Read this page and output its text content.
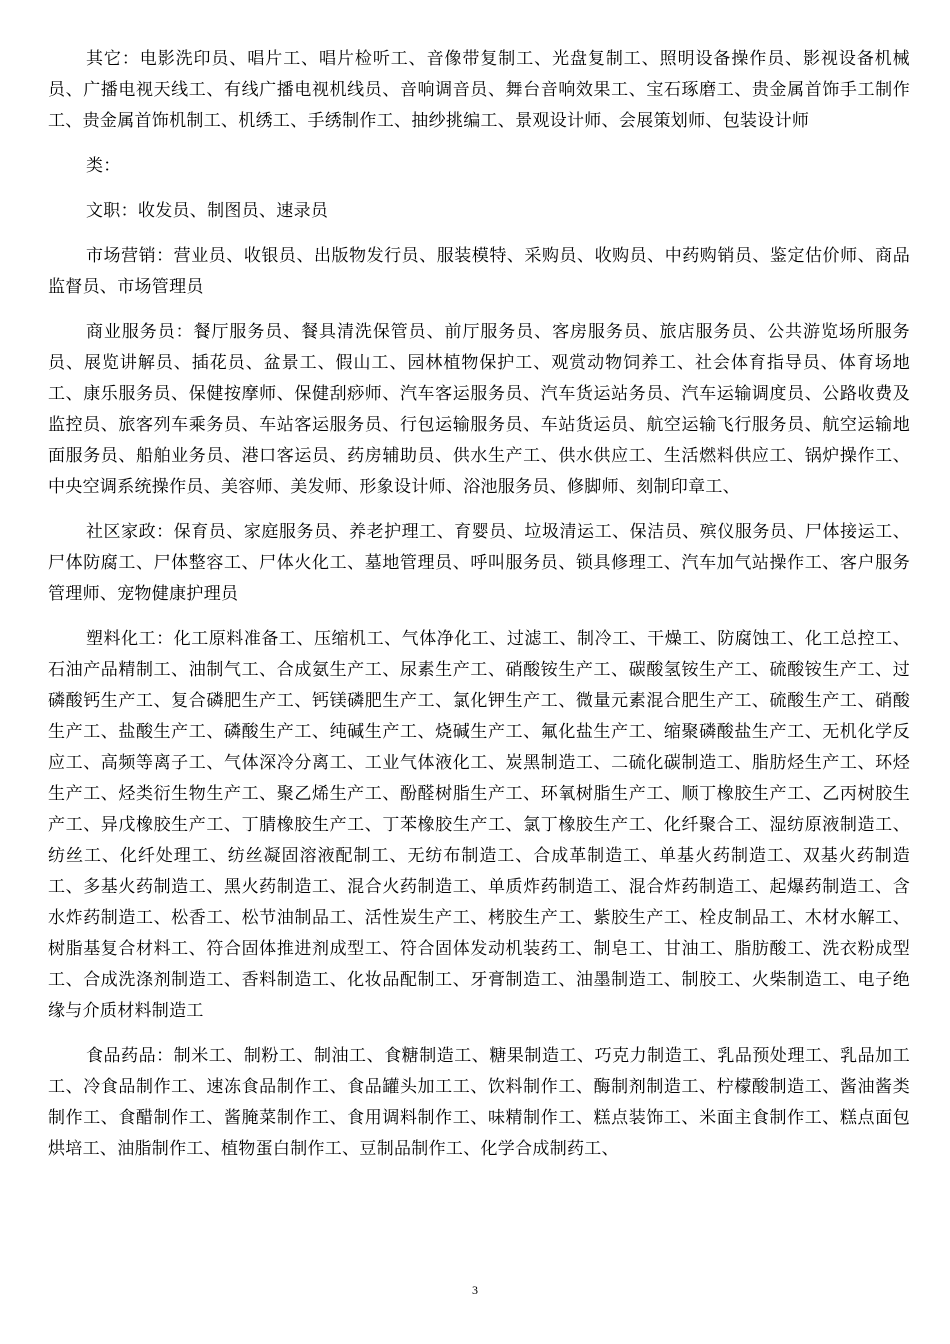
其它：电影洗印员、唱片工、唱片检听工、音像带复制工、光盘复制工、照明设备操作员、影视设备机械员、广播电视天线工、有线广播电视机线员、音响调音员、舞台音响效果工、宝石琢磨工、贵金属首饰手工制作工、贵金属首饰机制工、机绣工、手绣制作工、抽纱挑编工、景观设计师、会展策划师、包装设计师

类：

文职：收发员、制图员、速录员

市场营销：营业员、收银员、出版物发行员、服装模特、采购员、收购员、中药购销员、鉴定估价师、商品监督员、市场管理员

商业服务员：餐厅服务员、餐具清洗保管员、前厅服务员、客房服务员、旅店服务员、公共游览场所服务员、展览讲解员、插花员、盆景工、假山工、园林植物保护工、观赏动物饲养工、社会体育指导员、体育场地工、康乐服务员、保健按摩师、保健刮痧师、汽车客运服务员、汽车货运站务员、汽车运输调度员、公路收费及监控员、旅客列车乘务员、车站客运服务员、行包运输服务员、车站货运员、航空运输飞行服务员、航空运输地面服务员、船舶业务员、港口客运员、药房辅助员、供水生产工、供水供应工、生活燃料供应工、锅炉操作工、中央空调系统操作员、美容师、美发师、形象设计师、浴池服务员、修脚师、刻制印章工、

社区家政：保育员、家庭服务员、养老护理工、育婴员、垃圾清运工、保洁员、殡仪服务员、尸体接运工、尸体防腐工、尸体整容工、尸体火化工、墓地管理员、呼叫服务员、锁具修理工、汽车加气站操作工、客户服务管理师、宠物健康护理员

塑料化工：化工原料准备工、压缩机工、气体净化工、过滤工、制冷工、干燥工、防腐蚀工、化工总控工、石油产品精制工、油制气工、合成氨生产工、尿素生产工、硝酸铵生产工、碳酸氢铵生产工、硫酸铵生产工、过磷酸钙生产工、复合磷肥生产工、钙镁磷肥生产工、氯化钾生产工、微量元素混合肥生产工、硫酸生产工、硝酸生产工、盐酸生产工、磷酸生产工、纯碱生产工、烧碱生产工、氟化盐生产工、缩聚磷酸盐生产工、无机化学反应工、高频等离子工、气体深冷分离工、工业气体液化工、炭黑制造工、二硫化碳制造工、脂肪烃生产工、环烃生产工、烃类衍生物生产工、聚乙烯生产工、酚醛树脂生产工、环氧树脂生产工、顺丁橡胶生产工、乙丙树胶生产工、异戊橡胶生产工、丁腈橡胶生产工、丁苯橡胶生产工、氯丁橡胶生产工、化纤聚合工、湿纺原液制造工、纺丝工、化纤处理工、纺丝凝固溶液配制工、无纺布制造工、合成革制造工、单基火药制造工、双基火药制造工、多基火药制造工、黑火药制造工、混合火药制造工、单质炸药制造工、混合炸药制造工、起爆药制造工、含水炸药制造工、松香工、松节油制品工、活性炭生产工、栲胶生产工、紫胶生产工、栓皮制品工、木材水解工、树脂基复合材料工、符合固体推进剂成型工、符合固体发动机装药工、制皂工、甘油工、脂肪酸工、洗衣粉成型工、合成洗涤剂制造工、香料制造工、化妆品配制工、牙膏制造工、油墨制造工、制胶工、火柴制造工、电子绝缘与介质材料制造工

食品药品：制米工、制粉工、制油工、食糖制造工、糖果制造工、巧克力制造工、乳品预处理工、乳品加工工、冷食品制作工、速冻食品制作工、食品罐头加工工、饮料制作工、酶制剂制造工、柠檬酸制造工、酱油酱类制作工、食醋制作工、酱腌菜制作工、食用调料制作工、味精制作工、糕点装饰工、米面主食制作工、糕点面包烘培工、油脂制作工、植物蛋白制作工、豆制品制作工、化学合成制药工、

3
